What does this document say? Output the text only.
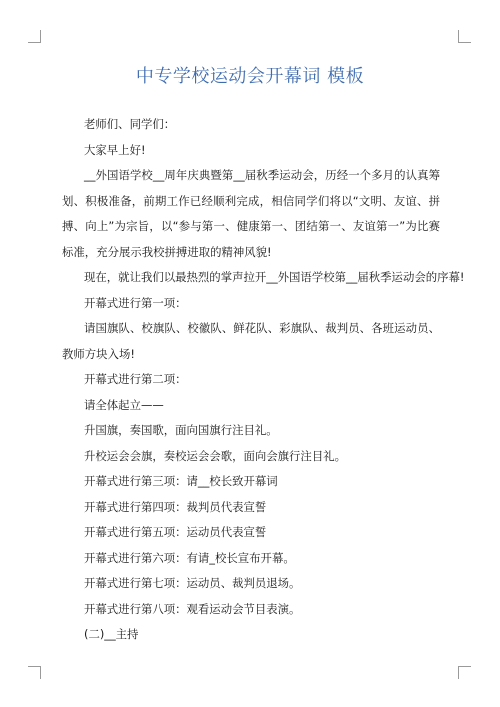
中专学校运动会开幕词 模板

老师们、同学们：

大家早上好!

__外国语学校__周年庆典暨第__届秋季运动会，历经一个多月的认真筹划、积极准备，前期工作已经顺利完成，相信同学们将以“文明、友谊、拼搏、向上”为宗旨，以“参与第一、健康第一、团结第一、友谊第一”为比赛标准，充分展示我校拼搏进取的精神风貌!

现在，就让我们以最热烈的掌声拉开__外国语学校第__届秋季运动会的序幕!

开幕式进行第一项：

请国旗队、校旗队、校徽队、鲜花队、彩旗队、裁判员、各班运动员、教师方块入场!

开幕式进行第二项：

请全体起立——

升国旗，奏国歌，面向国旗行注目礼。

升校运会会旗，奏校运会会歌，面向会旗行注目礼。

开幕式进行第三项：请__校长致开幕词

开幕式进行第四项：裁判员代表宣誓

开幕式进行第五项：运动员代表宣誓

开幕式进行第六项：有请_校长宣布开幕。

开幕式进行第七项：运动员、裁判员退场。

开幕式进行第八项：观看运动会节目表演。

(二)__主持
